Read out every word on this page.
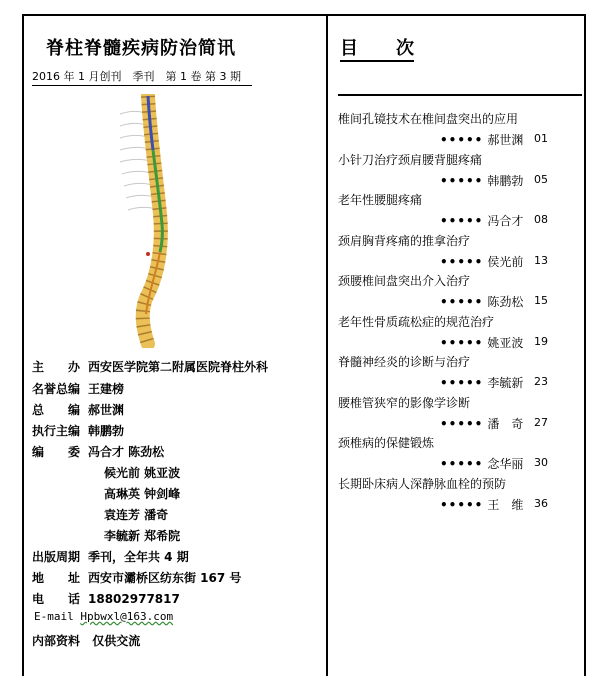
脊柱脊髓疾病防治简讯
2016 年 1 月创刊　季刊　第 1 卷 第 3 期　
主　　办 西安医学院第二附属医院脊柱外科
名誉总编 王建榜
总　　编 郝世渊
执行主编 韩鹏勃
编　　委 冯合才 陈劲松
候光前 姚亚波
高琳英 钟剑峰
袁连芳 潘奇
李毓新 郑希院
出版周期 季刊，全年共 4 期
地　　址 西安市灞桥区纺东街 167 号
电　　话 18802977817
E-mail Hpbwxl@163.com
内部资料 仅供交流
目 次
椎间孔镜技术在椎间盘突出的应用
••••• 郝世渊 01
小针刀治疗颈肩腰背腿疼痛
••••• 韩鹏勃 05
老年性腰腿疼痛
••••• 冯合才 08
颈肩胸背疼痛的推拿治疗
••••• 侯光前 13
颈腰椎间盘突出介入治疗
••••• 陈劲松 15
老年性骨质疏松症的规范治疗
••••• 姚亚波 19
脊髓神经炎的诊断与治疗
••••• 李毓新 23
腰椎管狭窄的影像学诊断
••••• 潘　奇 27
颈椎病的保健锻炼
••••• 念华丽 30
长期卧床病人深静脉血栓的预防
••••• 王　维 36
